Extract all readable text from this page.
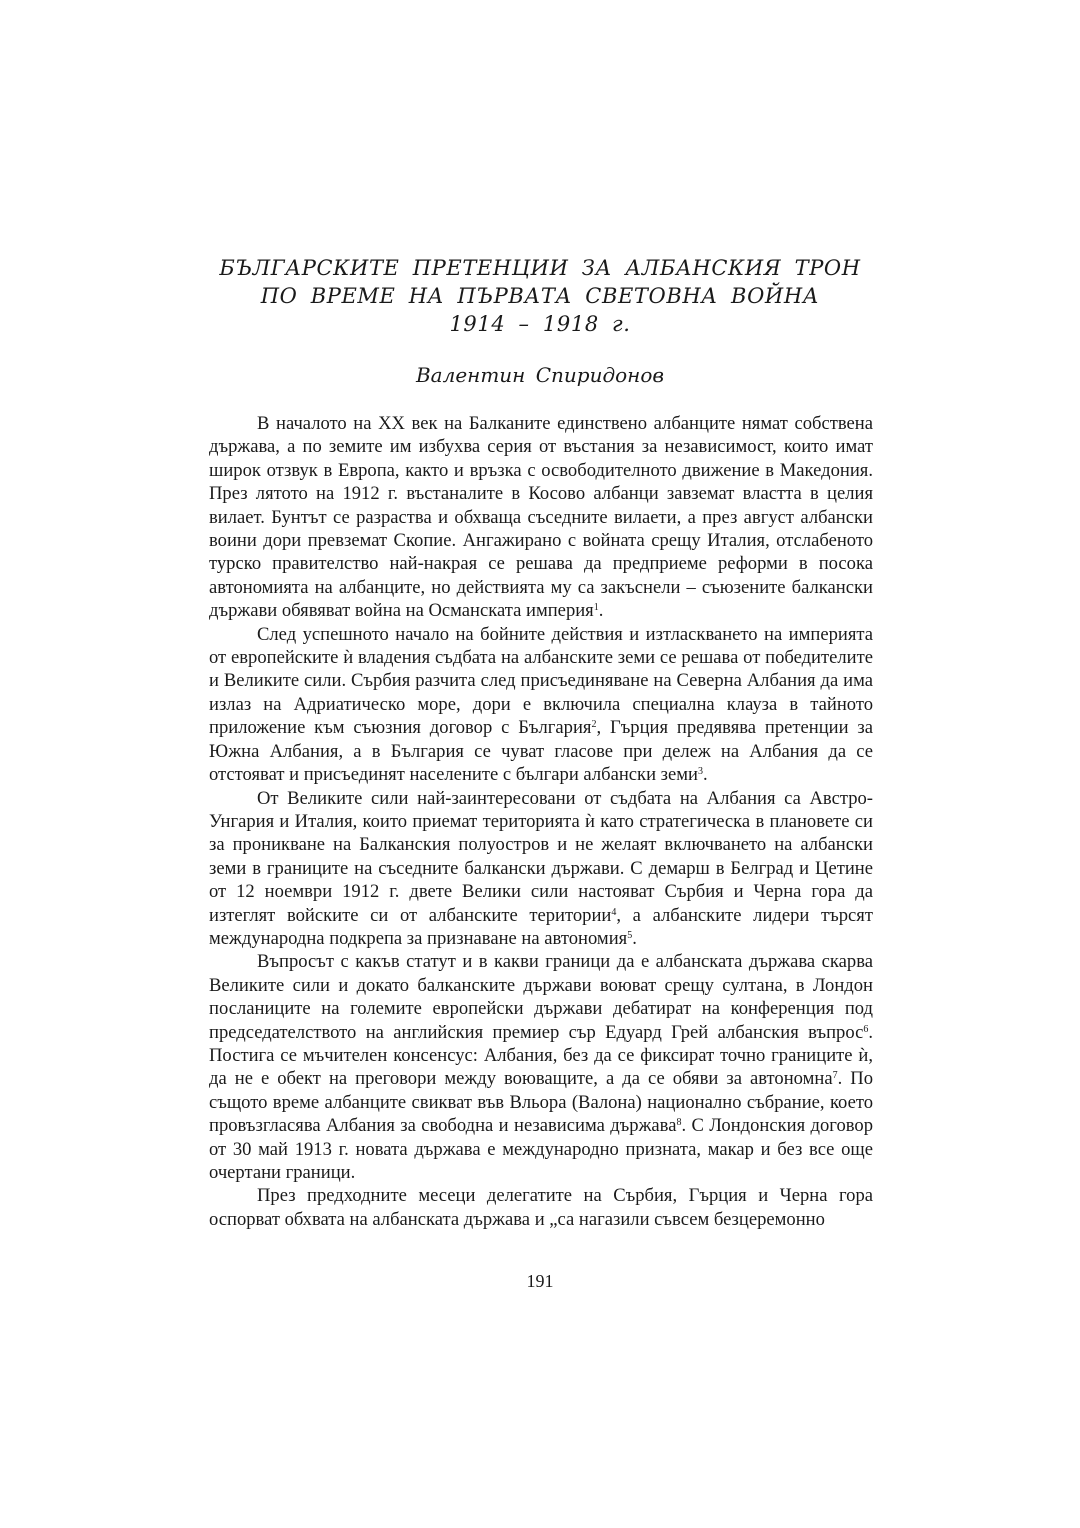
БЪЛГАРСКИТЕ ПРЕТЕНЦИИ ЗА АЛБАНСКИЯ ТРОН
ПО ВРЕМЕ НА ПЪРВАТА СВЕТОВНА ВОЙНА
1914 – 1918 г.
Валентин Спиридонов

В началото на XX век на Балканите единствено албанците нямат собствена държава, а по земите им избухва серия от въстания за независимост, които имат широк отзвук в Европа, както и връзка с освободителното движение в Македония. През лятото на 1912 г. въстаналите в Косово албанци завземат властта в целия вилает. Бунтът се разраства и обхваща съседните вилаети, а през август албански воини дори превземат Скопие. Ангажирано с войната срещу Италия, отслабеното турско правителство най-накрая се решава да предприеме реформи в посока автономията на албанците, но действията му са закъснели – съюзените балкански държави обявяват война на Османската империя$^1$.

След успешното начало на бойните действия и изтласкването на империята от европейските ѝ владения съдбата на албанските земи се решава от победителите и Великите сили. Сърбия разчита след присъединяване на Северна Албания да има излаз на Адриатическо море, дори е включила специална клауза в тайното приложение към съюзния договор с България$^2$, Гърция предявява претенции за Южна Албания, а в България се чуват гласове при дележ на Албания да се отстояват и присъединят населените с българи албански земи$^3$.

От Великите сили най-заинтересовани от съдбата на Албания са Австро-Унгария и Италия, които приемат територията ѝ като стратегическа в плановете си за проникване на Балканския полуостров и не желаят включването на албански земи в границите на съседните балкански държави. С демарш в Белград и Цетине от 12 ноември 1912 г. двете Велики сили настояват Сърбия и Черна гора да изтеглят войските си от албанските територии$^4$, а албанските лидери търсят международна подкрепа за признаване на автономия$^5$.

Въпросът с какъв статут и в какви граници да е албанската държава скарва Великите сили и докато балканските държави воюват срещу султана, в Лондон посланиците на големите европейски държави дебатират на конференция под председателството на английския премиер сър Едуард Грей албанския въпрос$^6$. Постига се мъчителен консенсус: Албания, без да се фиксират точно границите ѝ, да не е обект на преговори между воюващите, а да се обяви за автономна$^7$. По същото време албанците свикват във Вльора (Валона) национално събрание, което провъзгласява Албания за свободна и независима държава$^8$. С Лондонския договор от 30 май 1913 г. новата държава е международно призната, макар и без все още очертани граници.

През предходните месеци делегатите на Сърбия, Гърция и Черна гора оспорват обхвата на албанската държава и „са нагазили съвсем безцеремонно

191
